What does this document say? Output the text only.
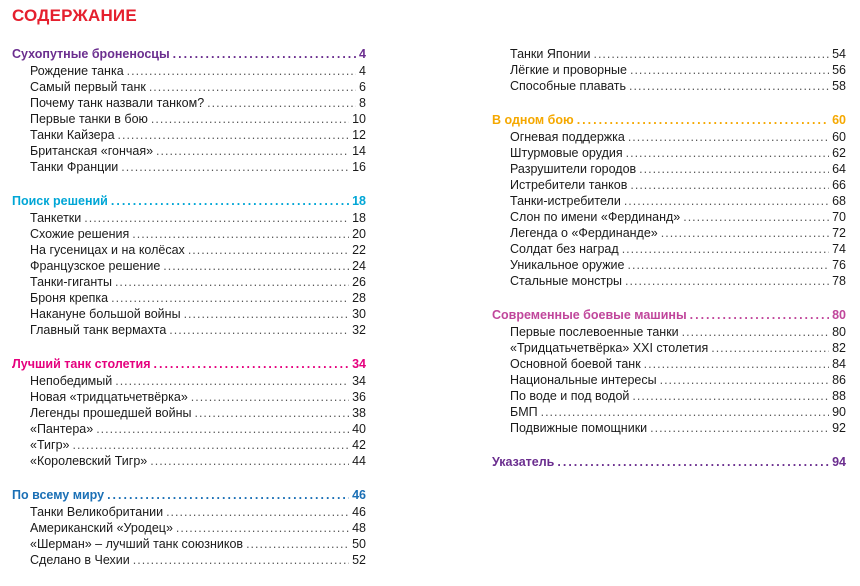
СОДЕРЖАНИЕ
Сухопутные броненосцы .....	4
Рождение танка .....	4
Самый первый танк .....	6
Почему танк назвали танком? .....	8
Первые танки в бою .....	10
Танки Кайзера .....	12
Британская «гончая» .....	14
Танки Франции .....	16
Поиск решений .....	18
Танкетки .....	18
Схожие решения .....	20
На гусеницах и на колёсах .....	22
Французское решение .....	24
Танки-гиганты .....	26
Броня крепка .....	28
Накануне большой войны .....	30
Главный танк вермахта .....	32
Лучший танк столетия .....	34
Непобедимый .....	34
Новая «тридцатьчетвёрка» .....	36
Легенды прошедшей войны .....	38
«Пантера» .....	40
«Тигр» .....	42
«Королевский Тигр» .....	44
По всему миру .....	46
Танки Великобритании .....	46
Американский «Уродец» .....	48
«Шерман» – лучший танк союзников .....	50
Сделано в Чехии .....	52
Танки Японии .....	54
Лёгкие и проворные .....	56
Способные плавать .....	58
В одном бою .....	60
Огневая поддержка .....	60
Штурмовые орудия .....	62
Разрушители городов .....	64
Истребители танков .....	66
Танки-истребители .....	68
Слон по имени «Фердинанд» .....	70
Легенда о «Фердинанде» .....	72
Солдат без наград .....	74
Уникальное оружие .....	76
Стальные монстры .....	78
Современные боевые машины .....	80
Первые послевоенные танки .....	80
«Тридцатьчетвёрка» XXI столетия .....	82
Основной боевой танк .....	84
Национальные интересы .....	86
По воде и под водой .....	88
БМП .....	90
Подвижные помощники .....	92
Указатель .....	94
